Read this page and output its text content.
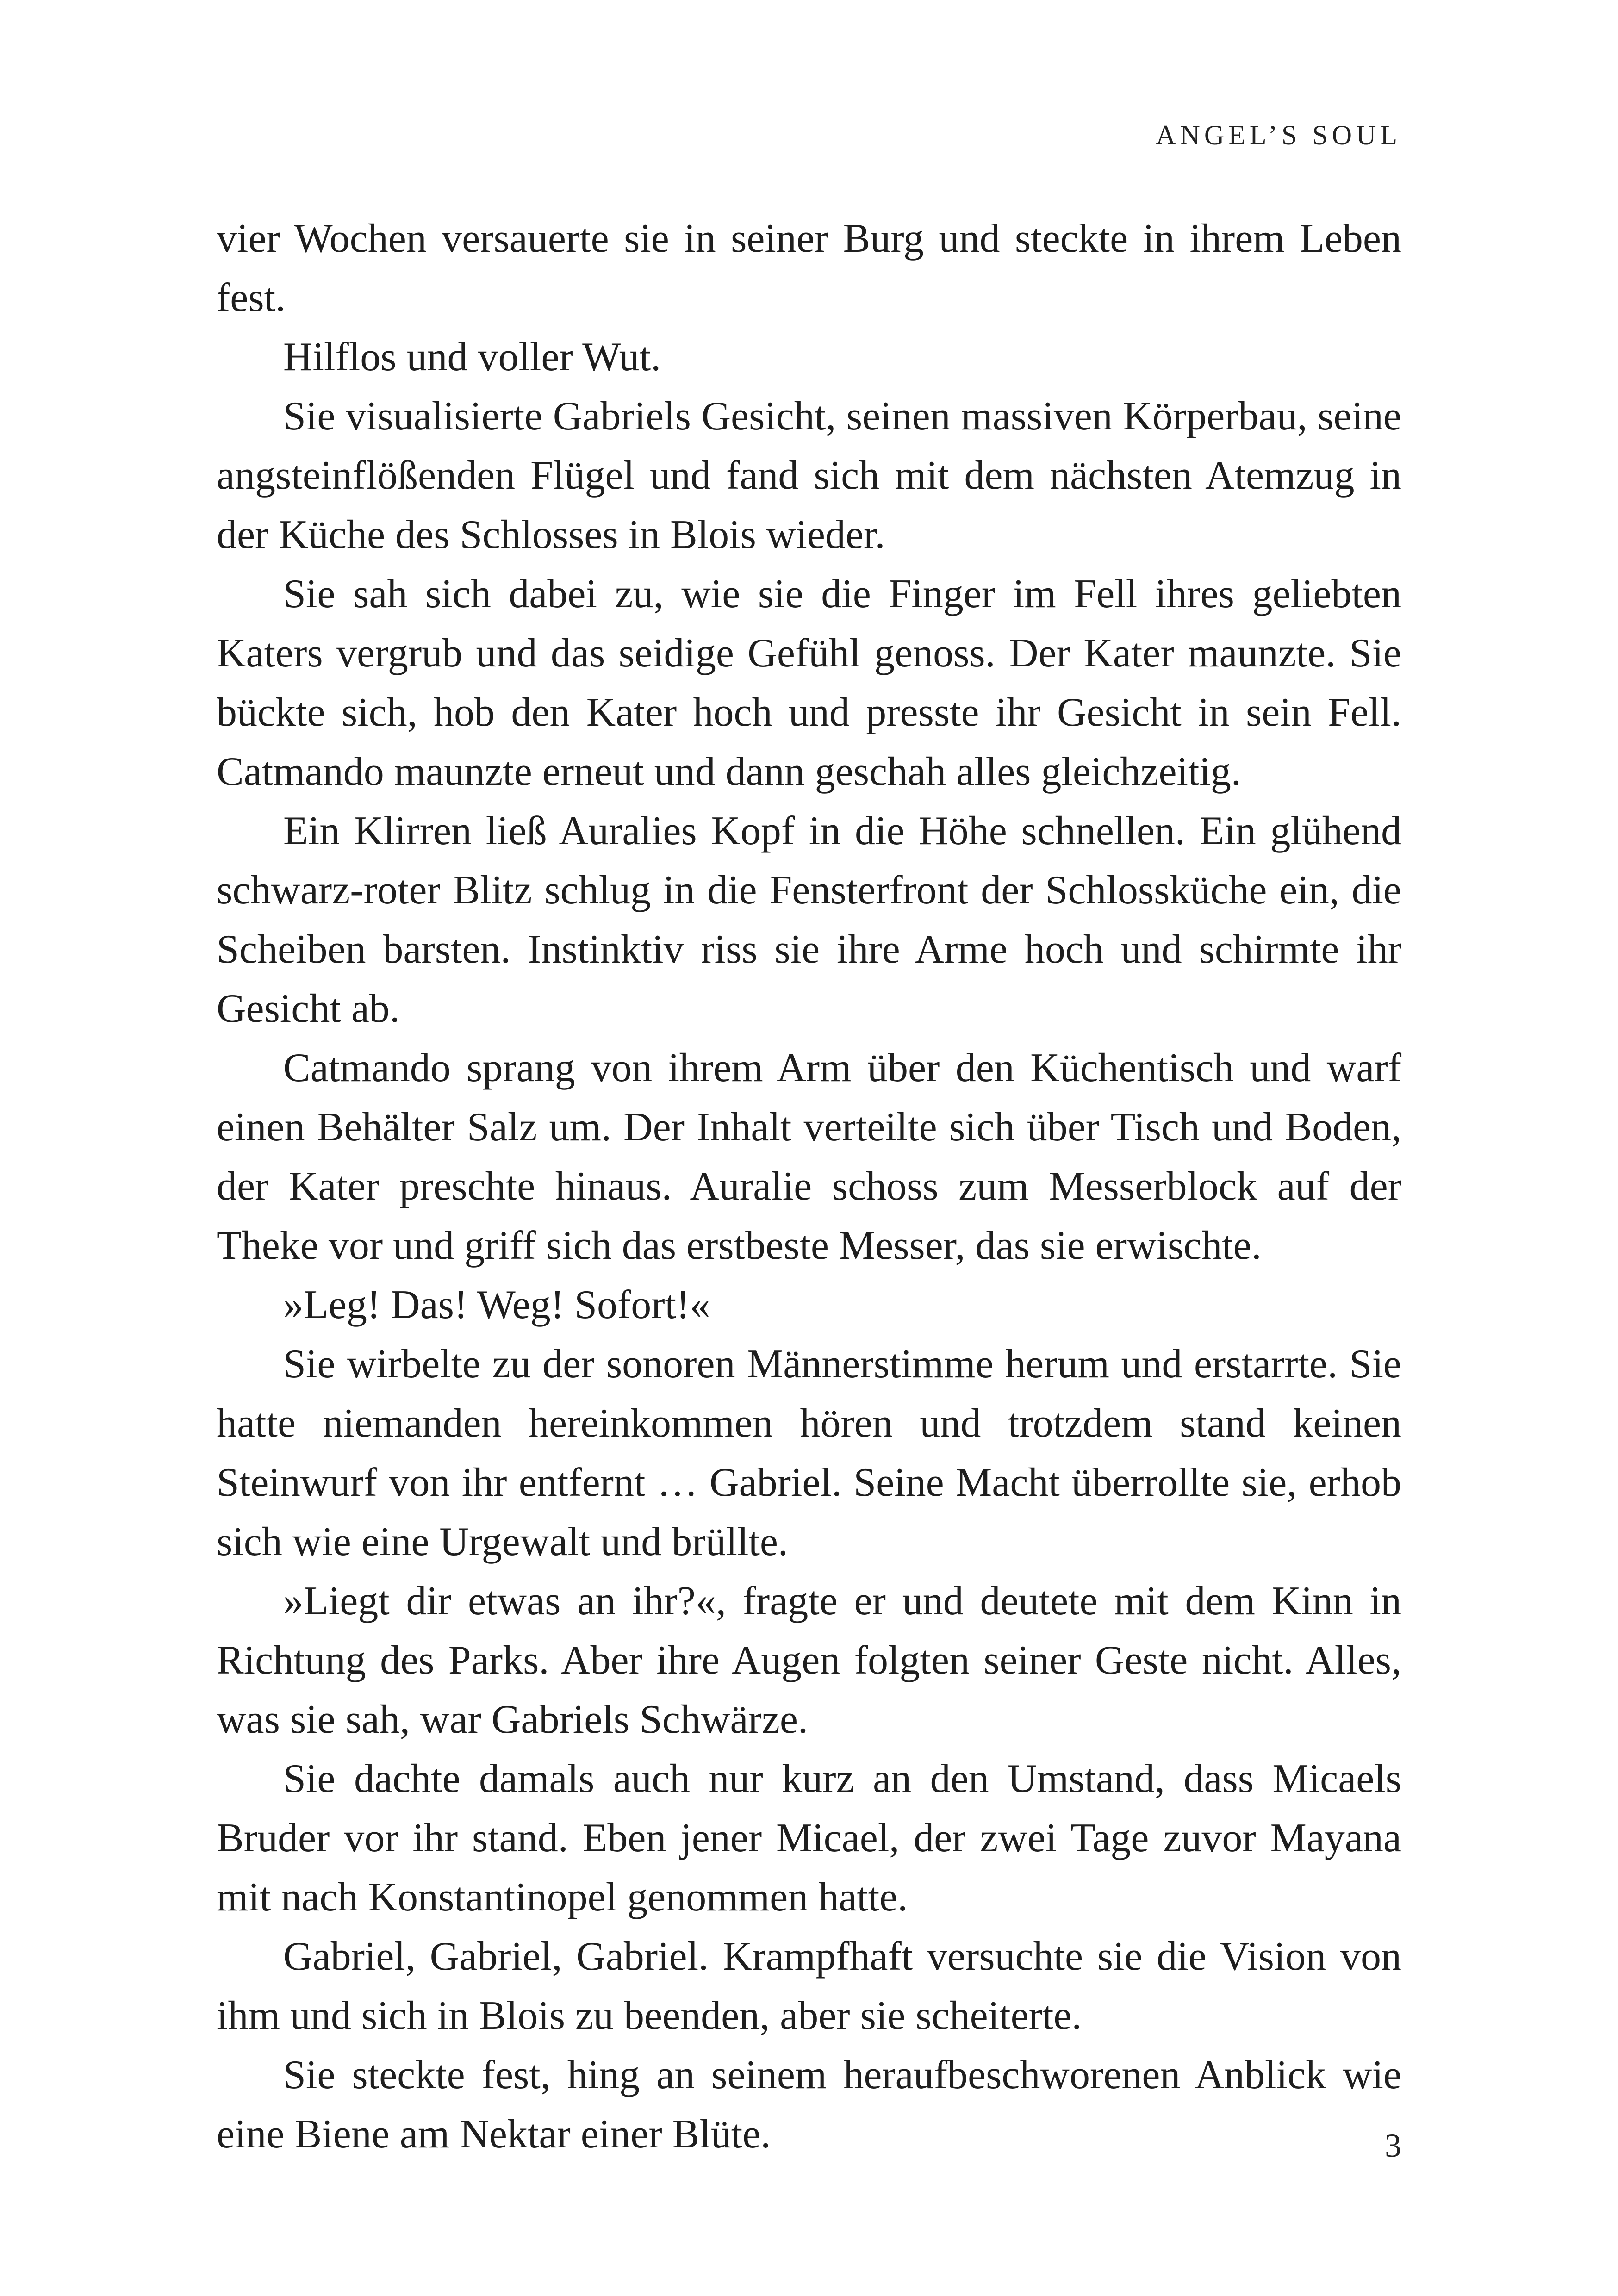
ANGEL’S SOUL

vier Wochen versauerte sie in seiner Burg und steckte in ihrem Leben fest.

Hilflos und voller Wut.

Sie visualisierte Gabriels Gesicht, seinen massiven Körperbau, seine angsteinflößenden Flügel und fand sich mit dem nächsten Atemzug in der Küche des Schlosses in Blois wieder.

Sie sah sich dabei zu, wie sie die Finger im Fell ihres geliebten Katers vergrub und das seidige Gefühl genoss. Der Kater maunzte. Sie bückte sich, hob den Kater hoch und presste ihr Gesicht in sein Fell. Catmando maunzte erneut und dann geschah alles gleichzeitig.

Ein Klirren ließ Auralies Kopf in die Höhe schnellen. Ein glühend schwarz-roter Blitz schlug in die Fensterfront der Schlossküche ein, die Scheiben barsten. Instinktiv riss sie ihre Arme hoch und schirmte ihr Gesicht ab.

Catmando sprang von ihrem Arm über den Küchentisch und warf einen Behälter Salz um. Der Inhalt verteilte sich über Tisch und Boden, der Kater preschte hinaus. Auralie schoss zum Messerblock auf der Theke vor und griff sich das erstbeste Messer, das sie erwischte.

»Leg! Das! Weg! Sofort!«

Sie wirbelte zu der sonoren Männerstimme herum und erstarrte. Sie hatte niemanden hereinkommen hören und trotzdem stand keinen Steinwurf von ihr entfernt … Gabriel. Seine Macht überrollte sie, erhob sich wie eine Urgewalt und brüllte.

»Liegt dir etwas an ihr?«, fragte er und deutete mit dem Kinn in Richtung des Parks. Aber ihre Augen folgten seiner Geste nicht. Alles, was sie sah, war Gabriels Schwärze.

Sie dachte damals auch nur kurz an den Umstand, dass Micaels Bruder vor ihr stand. Eben jener Micael, der zwei Tage zuvor Mayana mit nach Konstantinopel genommen hatte.

Gabriel, Gabriel, Gabriel. Krampfhaft versuchte sie die Vision von ihm und sich in Blois zu beenden, aber sie scheiterte.

Sie steckte fest, hing an seinem heraufbeschworenen Anblick wie eine Biene am Nektar einer Blüte.	3
